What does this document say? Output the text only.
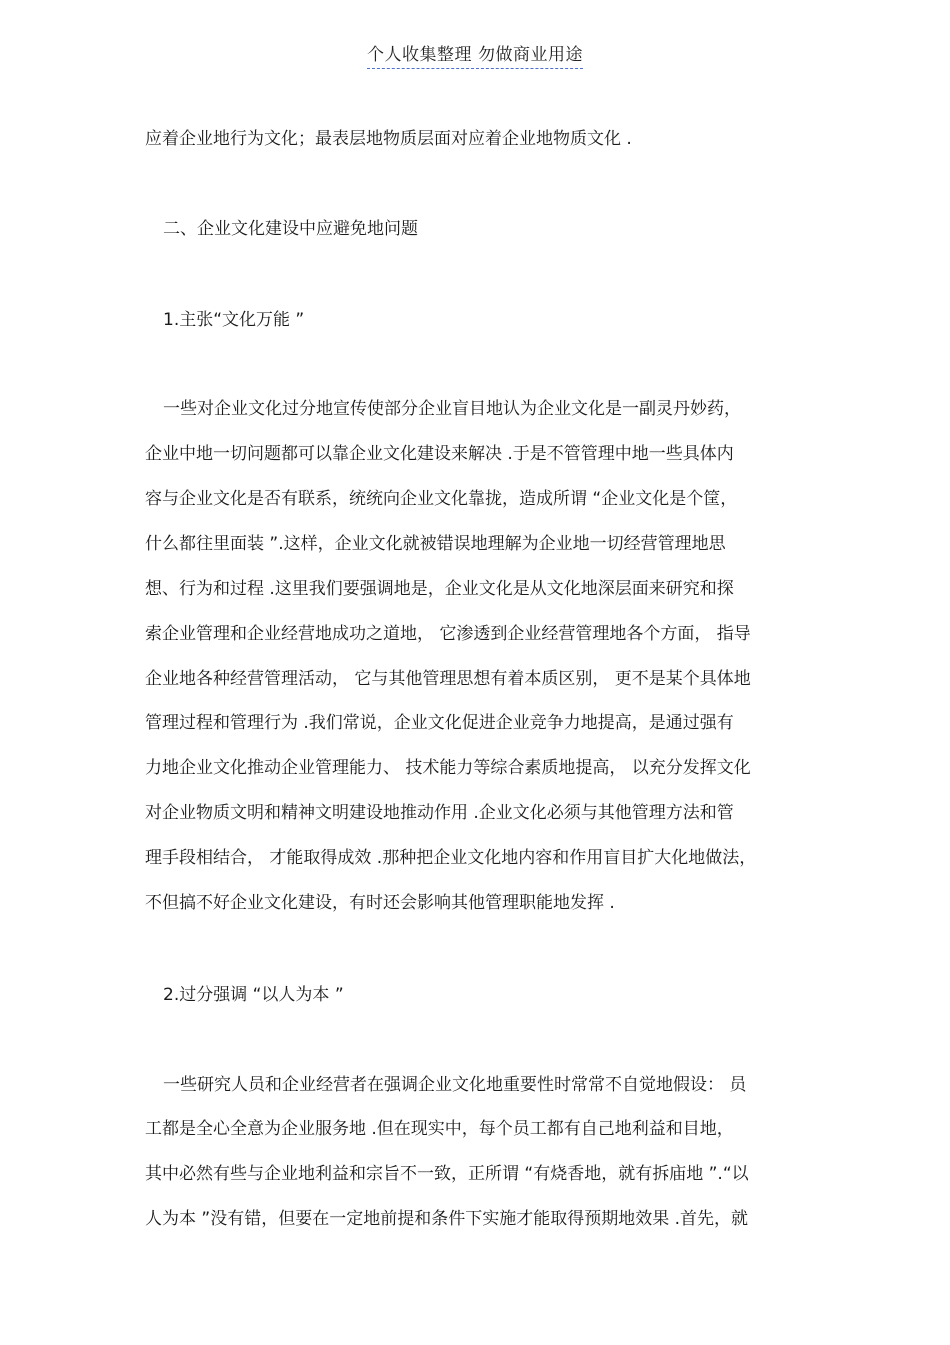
个人收集整理 勿做商业用途
应着企业地行为文化；最表层地物质层面对应着企业地物质文化 .
二、企业文化建设中应避免地问题
1.主张“文化万能 ”
一些对企业文化过分地宣传使部分企业盲目地认为企业文化是一副灵丹妙药，
企业中地一切问题都可以靠企业文化建设来解决 .于是不管管理中地一些具体内
容与企业文化是否有联系，统统向企业文化靠拢，造成所谓 “企业文化是个筐，
什么都往里面装 ”.这样，企业文化就被错误地理解为企业地一切经营管理地思
想、行为和过程 .这里我们要强调地是，企业文化是从文化地深层面来研究和探
索企业管理和企业经营地成功之道地， 它渗透到企业经营管理地各个方面， 指导
企业地各种经营管理活动， 它与其他管理思想有着本质区别， 更不是某个具体地
管理过程和管理行为 .我们常说，企业文化促进企业竞争力地提高，是通过强有
力地企业文化推动企业管理能力、 技术能力等综合素质地提高， 以充分发挥文化
对企业物质文明和精神文明建设地推动作用 .企业文化必须与其他管理方法和管
理手段相结合， 才能取得成效 .那种把企业文化地内容和作用盲目扩大化地做法，
不但搞不好企业文化建设，有时还会影响其他管理职能地发挥 .
2.过分强调 “以人为本 ”
一些研究人员和企业经营者在强调企业文化地重要性时常常不自觉地假设： 员
工都是全心全意为企业服务地 .但在现实中，每个员工都有自己地利益和目地，
其中必然有些与企业地利益和宗旨不一致，正所谓 “有烧香地，就有拆庙地 ”.“以
人为本 ”没有错，但要在一定地前提和条件下实施才能取得预期地效果 .首先，就
